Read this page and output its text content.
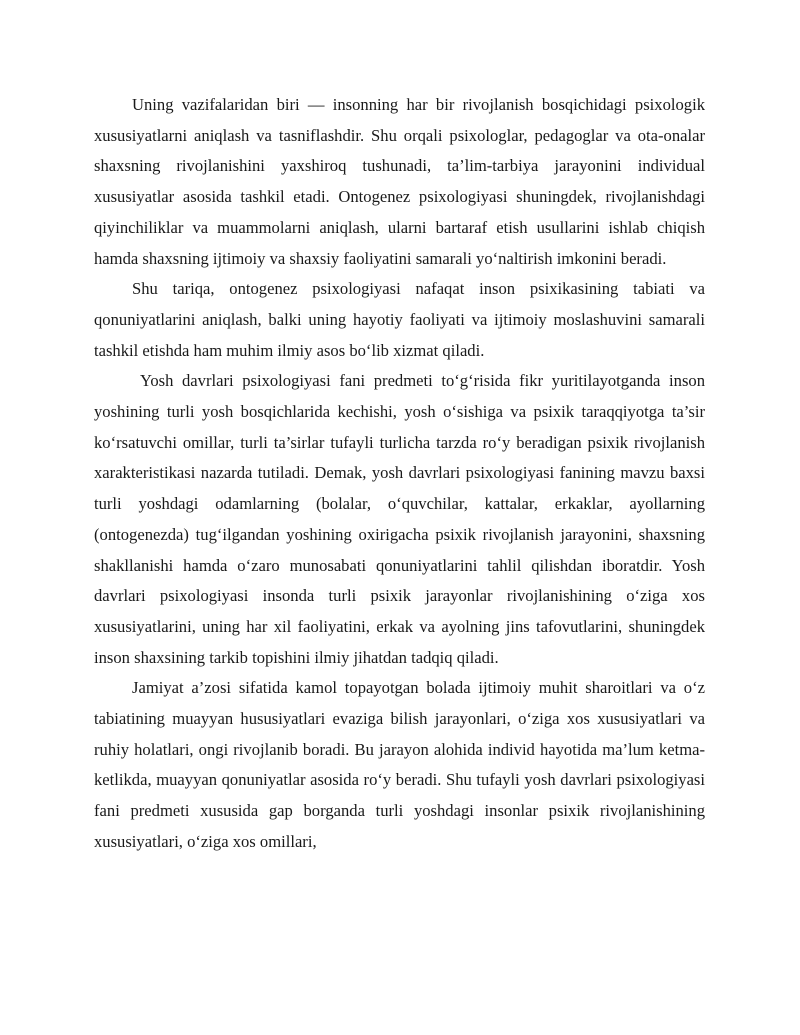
Uning vazifalaridan biri — insonning har bir rivojlanish bosqichidagi psixologik xususiyatlarni aniqlash va tasniflashdir. Shu orqali psixologlar, pedagoglar va ota-onalar shaxsning rivojlanishini yaxshiroq tushunadi, ta’lim-tarbiya jarayonini individual xususiyatlar asosida tashkil etadi. Ontogenez psixologiyasi shuningdek, rivojlanishdagi qiyinchiliklar va muammolarni aniqlash, ularni bartaraf etish usullarini ishlab chiqish hamda shaxsning ijtimoiy va shaxsiy faoliyatini samarali yo‘naltirish imkonini beradi.

Shu tariqa, ontogenez psixologiyasi nafaqat inson psixikasining tabiati va qonuniyatlarini aniqlash, balki uning hayotiy faoliyati va ijtimoiy moslashuvini samarali tashkil etishda ham muhim ilmiy asos bo‘lib xizmat qiladi.

Yosh davrlari psixologiyasi fani predmeti to‘g‘risida fikr yuritilayotganda inson yoshining turli yosh bosqichlarida kechishi, yosh o‘sishiga va psixik taraqqiyotga ta’sir ko‘rsatuvchi omillar, turli ta’sirlar tufayli turlicha tarzda ro‘y beradigan psixik rivojlanish xarakteristikasi nazarda tutiladi. Demak, yosh davrlari psixologiyasi fanining mavzu baxsi turli yoshdagi odamlarning (bolalar, o‘quvchilar, kattalar, erkaklar, ayollarning (ontogenezda) tug‘ilgandan yoshining oxirigacha psixik rivojlanish jarayonini, shaxsning shakllanishi hamda o‘zaro munosabati qonuniyatlarini tahlil qilishdan iboratdir. Yosh davrlari psixologiyasi insonda turli psixik jarayonlar rivojlanishining o‘ziga xos xususiyatlarini, uning har xil faoliyatini, erkak va ayolning jins tafovutlarini, shuningdek inson shaxsining tarkib topishini ilmiy jihatdan tadqiq qiladi.

Jamiyat a’zosi sifatida kamol topayotgan bolada ijtimoiy muhit sharoitlari va o‘z tabiatining muayyan hususiyatlari evaziga bilish jarayonlari, o‘ziga xos xususiyatlari va ruhiy holatlari, ongi rivojlanib boradi. Bu jarayon alohida individ hayotida ma’lum ketma-ketlikda, muayyan qonuniyatlar asosida ro‘y beradi. Shu tufayli yosh davrlari psixologiyasi fani predmeti xususida gap borganda turli yoshdagi insonlar psixik rivojlanishining xususiyatlari, o‘ziga xos omillari,
